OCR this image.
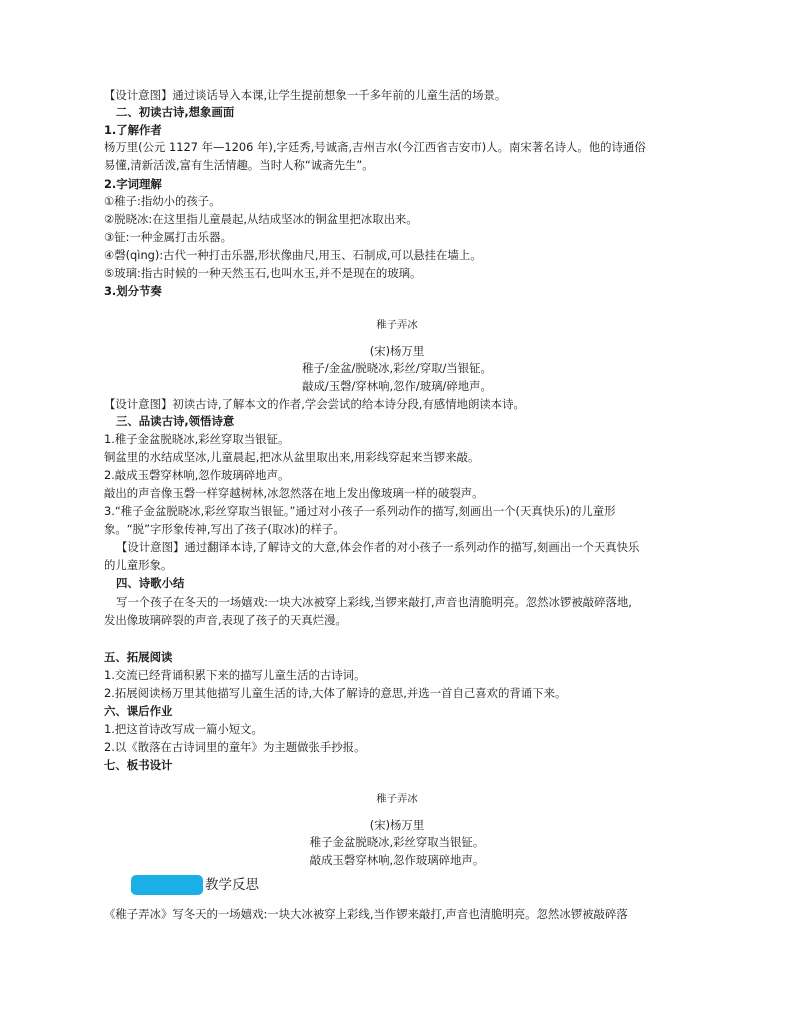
【设计意图】通过谈话导入本课,让学生提前想象一千多年前的儿童生活的场景。
二、初读古诗,想象画面
1.了解作者
杨万里(公元 1127 年—1206 年),字廷秀,号诚斋,吉州吉水(今江西省吉安市)人。南宋著名诗人。他的诗通俗
易懂,清新活泼,富有生活情趣。当时人称“诚斋先生”。
2.字词理解
①稚子:指幼小的孩子。
②脱晓冰:在这里指儿童晨起,从结成坚冰的铜盆里把冰取出来。
③钲:一种金属打击乐器。
④磬(qìng):古代一种打击乐器,形状像曲尺,用玉、石制成,可以悬挂在墙上。
⑤玻璃:指古时候的一种天然玉石,也叫水玉,并不是现在的玻璃。
3.划分节奏
稚子弄冰
(宋)杨万里
稚子/金盆/脱晓冰,彩丝/穿取/当银钲。
敲成/玉磬/穿林响,忽作/玻璃/碎地声。
【设计意图】初读古诗,了解本文的作者,学会尝试的给本诗分段,有感情地朗读本诗。
三、品读古诗,领悟诗意
1.稚子金盆脱晓冰,彩丝穿取当银钲。
铜盆里的水结成坚冰,儿童晨起,把冰从盆里取出来,用彩线穿起来当锣来敲。
2.敲成玉磬穿林响,忽作玻璃碎地声。
敲出的声音像玉磬一样穿越树林,冰忽然落在地上发出像玻璃一样的破裂声。
3.“稚子金盆脱晓冰,彩丝穿取当银钲。”通过对小孩子一系列动作的描写,刻画出一个(天真快乐)的儿童形
象。“脱”字形象传神,写出了孩子(取冰)的样子。
【设计意图】通过翻译本诗,了解诗文的大意,体会作者的对小孩子一系列动作的描写,刻画出一个天真快乐
的儿童形象。
四、诗歌小结
写一个孩子在冬天的一场嬉戏:一块大冰被穿上彩线,当锣来敲打,声音也清脆明亮。忽然冰锣被敲碎落地,
发出像玻璃碎裂的声音,表现了孩子的天真烂漫。
五、拓展阅读
1.交流已经背诵积累下来的描写儿童生活的古诗词。
2.拓展阅读杨万里其他描写儿童生活的诗,大体了解诗的意思,并选一首自己喜欢的背诵下来。
六、课后作业
1.把这首诗改写成一篇小短文。
2.以《散落在古诗词里的童年》为主题做张手抄报。
七、板书设计
稚子弄冰
(宋)杨万里
稚子金盆脱晓冰,彩丝穿取当银钲。
敲成玉磬穿林响,忽作玻璃碎地声。
教学反思
《稚子弄冰》写冬天的一场嬉戏:一块大冰被穿上彩线,当作锣来敲打,声音也清脆明亮。忽然冰锣被敲碎落
